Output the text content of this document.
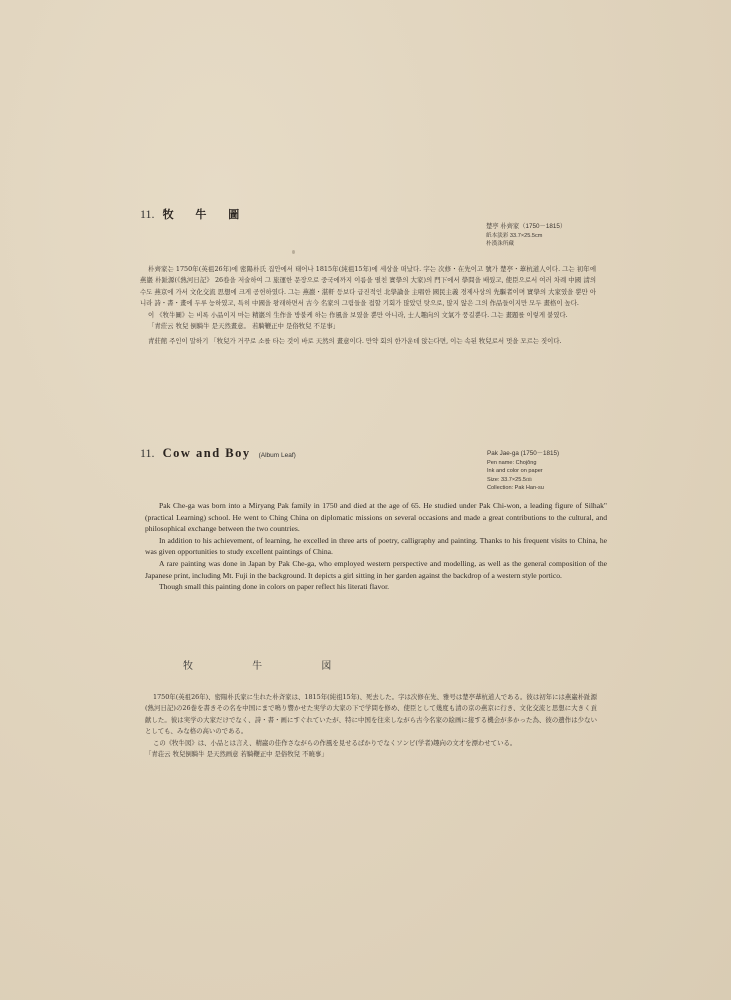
11. 牧 牛 圖
楚亭 朴齊家（1750－1815）
紙本淡彩 33.7×25.5cm
朴漢洙所藏

朴齊家는 1750年(英祖26年)에 密陽朴氏 집안에서 태어나 1815年(純祖15年)에 세상을 떠났다. 字는 次修・在先이고 號가 楚亭・葦杭道人이다. 그는 初年에 燕巖 朴趾源(《熱河日記》 26卷을 저술하여 그 旅運한 문장으로 중국에까지 이름을 떨친 實學의 大家)의 門下에서 學問을 배웠고, 使臣으로서 여러 차례 中國 淸의 수도 燕京에 가서 文化交流 思想에 크게 공헌하였다. 그는 燕巖・湛軒 등보다 급진적인 北學論을 主唱한 國民主義 경제사상의 先驅者이며 實學의 大家였을 뿐만 아니라 詩・書・畫에 두루 능하였고, 특히 中國을 왕래하면서 古今 名家의 그림들을 접할 기회가 많았던 탓으로, 많지 않은 그의 作品들이지만 모두 畫格이 높다.

이 《牧牛圖》는 비록 小品이지 마는 精巖의 生作을 방불케 하는 作風을 보였을 뿐만 아니라, 士人趣向의 文氣가 풍길뿐다. 그는 畫題를 이렇게 붙였다.

「青莊云 牧兒 倒騎牛 是天然畫意。 若騎鞭正中 是俗牧兒 不足事」

青莊館 주인이 말하기 「牧兒가 거꾸로 소를 타는 것이 바로 天然의 畫意이다. 만약 회의 한가운데 앉는다면, 이는 속된 牧兒로서 멋을 모르는 짓이다.

11. Cow and Boy (Album Leaf)	Pak Jae-ga (1750－1815)
Pen name: Chojŏng
Ink and color on paper
Size: 33.7×25.5㎝
Collection: Pak Han-su

Pak Che-ga was born into a Miryang Pak family in 1750 and died at the age of 65. He studied under Pak Chi-won, a leading figure of Silhak" (practical Learning) school. He went to Ching China on diplomatic missions on several occasions and made a great contributions to the cultural, and philosophical exchange between the two countries.

In addition to his achievement, of learning, he excelled in three arts of poetry, calligraphy and painting. Thanks to his frequent visits to China, he was given opportunities to study excellent paintings of China.

A rare painting was done in Japan by Pak Che-ga, who employed western perspective and modelling, as well as the general composition of the Japanese print, including Mt. Fuji in the background. It depicts a girl sitting in her garden against the backdrop of a western style portico.

Though small this painting done in colors on paper reflect his literati flavor.

牧 牛 図

1750年(英祖26年)、密陽朴氏家に生れた朴斉家は、1815年(純祖15年)、死去した。字は次修在先、雅号は楚亭葦杭道人である。彼は初年には燕巌朴趾源(熱河日記)の26巻を書きその名を中国にまで鳴り響かせた実学の大家の下で学問を修め、使臣として幾度も清の京の燕京に行き、文化交流と思想に大きく貢献した。彼は実学の大家だけでなく、詩・書・画にすぐれていたが、特に中国を往来しながら古今名家の絵画に接する機会が多かった為、彼の遺作は少ないとしても、みな格の高いのである。

この《牧牛図》は、小品とは言え、精巌の佳作さながらの作風を見せるばかりでなくソンビ(学者)趣向の文才を漂わせている。

「青荘云 牧兒倒騎牛 是天然画意 若騎鞭正中 是俗牧兒 不暁事」
